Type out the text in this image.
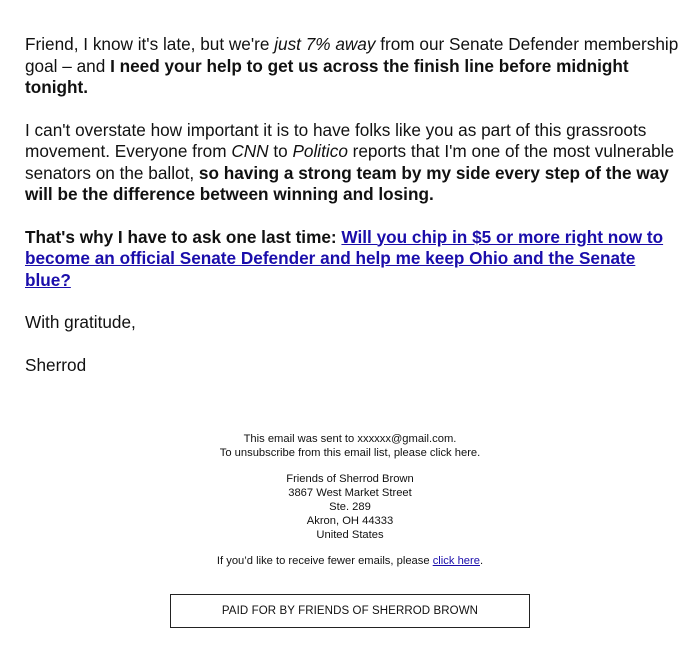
Friend, I know it's late, but we're just 7% away from our Senate Defender membership goal – and I need your help to get us across the finish line before midnight tonight.

I can't overstate how important it is to have folks like you as part of this grassroots movement. Everyone from CNN to Politico reports that I'm one of the most vulnerable senators on the ballot, so having a strong team by my side every step of the way will be the difference between winning and losing.

That's why I have to ask one last time: Will you chip in $5 or more right now to become an official Senate Defender and help me keep Ohio and the Senate blue?

With gratitude,

Sherrod

This email was sent to xxxxxx@gmail.com.

To unsubscribe from this email list, please click here.

Friends of Sherrod Brown

3867 West Market Street

Ste. 289

Akron, OH 44333

United States

If you’d like to receive fewer emails, please click here.

PAID FOR BY FRIENDS OF SHERROD BROWN
